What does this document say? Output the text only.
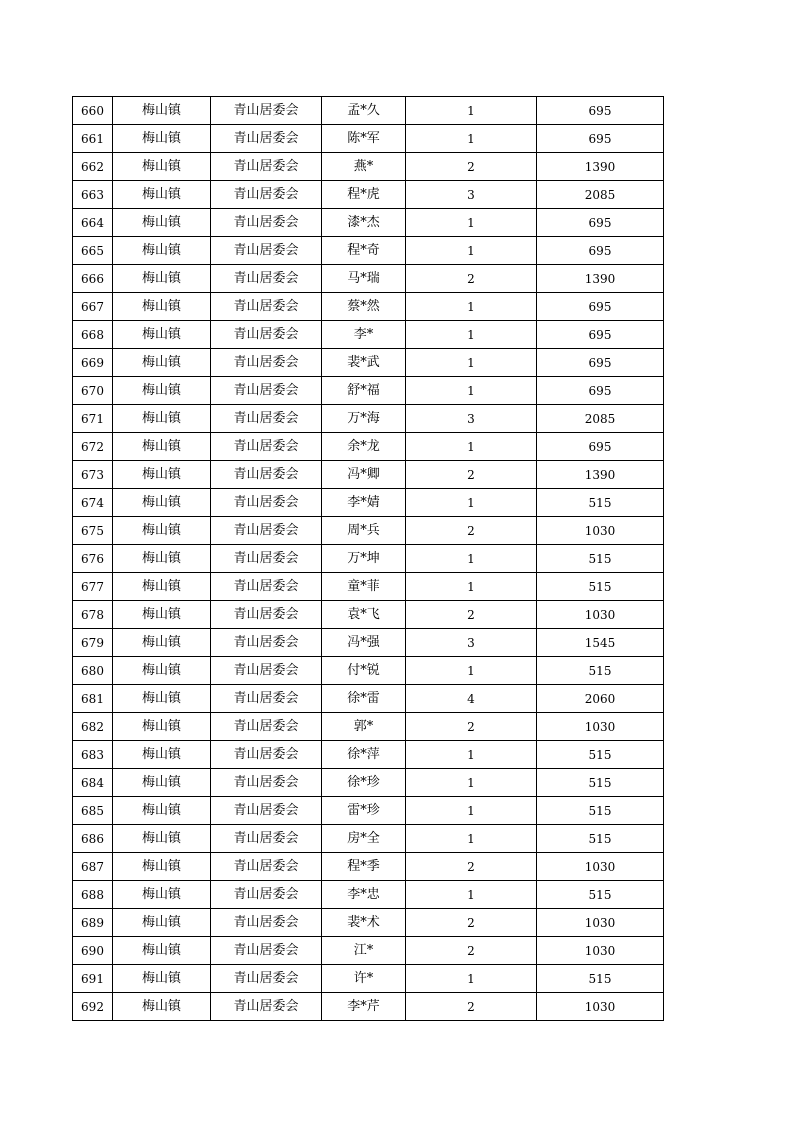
660	梅山镇	青山居委会	孟*久	1	695
661	梅山镇	青山居委会	陈*军	1	695
662	梅山镇	青山居委会	燕*	2	1390
663	梅山镇	青山居委会	程*虎	3	2085
664	梅山镇	青山居委会	漆*杰	1	695
665	梅山镇	青山居委会	程*奇	1	695
666	梅山镇	青山居委会	马*瑞	2	1390
667	梅山镇	青山居委会	蔡*然	1	695
668	梅山镇	青山居委会	李*	1	695
669	梅山镇	青山居委会	裴*武	1	695
670	梅山镇	青山居委会	舒*福	1	695
671	梅山镇	青山居委会	万*海	3	2085
672	梅山镇	青山居委会	余*龙	1	695
673	梅山镇	青山居委会	冯*卿	2	1390
674	梅山镇	青山居委会	李*婧	1	515
675	梅山镇	青山居委会	周*兵	2	1030
676	梅山镇	青山居委会	万*坤	1	515
677	梅山镇	青山居委会	童*菲	1	515
678	梅山镇	青山居委会	袁*飞	2	1030
679	梅山镇	青山居委会	冯*强	3	1545
680	梅山镇	青山居委会	付*锐	1	515
681	梅山镇	青山居委会	徐*雷	4	2060
682	梅山镇	青山居委会	郭*	2	1030
683	梅山镇	青山居委会	徐*萍	1	515
684	梅山镇	青山居委会	徐*珍	1	515
685	梅山镇	青山居委会	雷*珍	1	515
686	梅山镇	青山居委会	房*全	1	515
687	梅山镇	青山居委会	程*季	2	1030
688	梅山镇	青山居委会	李*忠	1	515
689	梅山镇	青山居委会	裴*术	2	1030
690	梅山镇	青山居委会	江*	2	1030
691	梅山镇	青山居委会	许*	1	515
692	梅山镇	青山居委会	李*芹	2	1030
